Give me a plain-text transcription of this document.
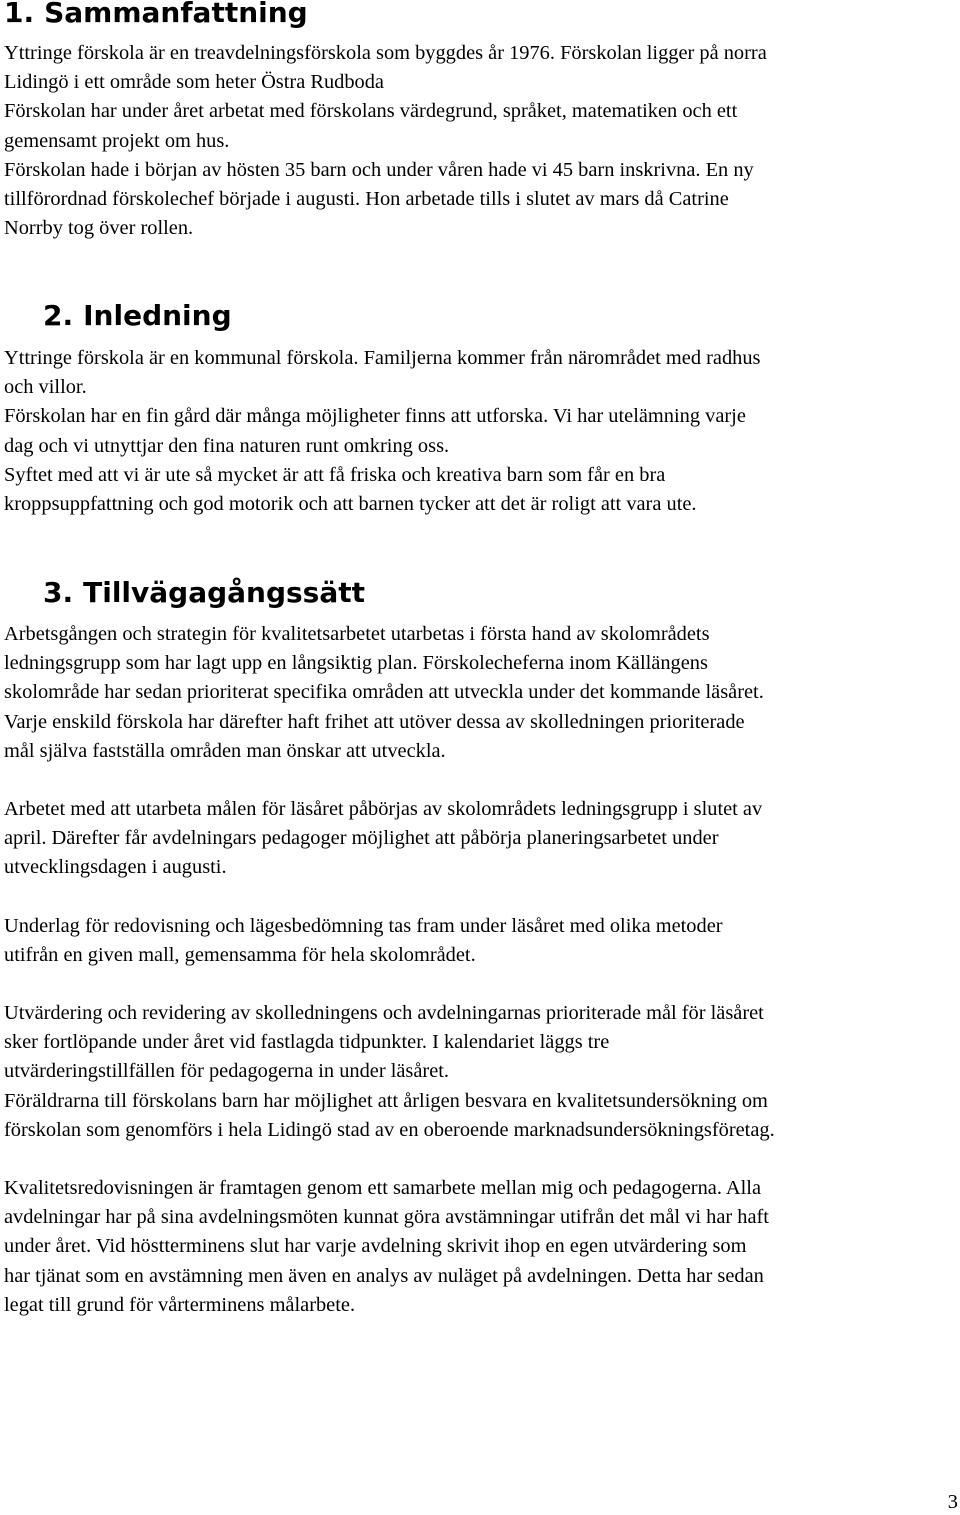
1. Sammanfattning

Yttringe förskola är en treavdelningsförskola som byggdes år 1976. Förskolan ligger på norra

Lidingö i ett område som heter Östra Rudboda

Förskolan har under året arbetat med förskolans värdegrund, språket, matematiken och ett

gemensamt projekt om hus.

Förskolan hade i början av hösten 35 barn och under våren hade vi 45 barn inskrivna. En ny

tillförordnad förskolechef började i augusti. Hon arbetade tills i slutet av mars då Catrine

Norrby tog över rollen.

2. Inledning

Yttringe förskola är en kommunal förskola. Familjerna kommer från närområdet med radhus

och villor.

Förskolan har en fin gård där många möjligheter finns att utforska. Vi har utelämning varje

dag och vi utnyttjar den fina naturen runt omkring oss.

Syftet med att vi är ute så mycket är att få friska och kreativa barn som får en bra

kroppsuppfattning och god motorik och att barnen tycker att det är roligt att vara ute.

3. Tillvägagångssätt

Arbetsgången och strategin för kvalitetsarbetet utarbetas i första hand av skolområdets

ledningsgrupp som har lagt upp en långsiktig plan. Förskolecheferna inom Källängens

skolområde har sedan prioriterat specifika områden att utveckla under det kommande läsåret.

Varje enskild förskola har därefter haft frihet att utöver dessa av skolledningen prioriterade

mål själva fastställa områden man önskar att utveckla.

Arbetet med att utarbeta målen för läsåret påbörjas av skolområdets ledningsgrupp i slutet av

april. Därefter får avdelningars pedagoger möjlighet att påbörja planeringsarbetet under

utvecklingsdagen i augusti.

Underlag för redovisning och lägesbedömning tas fram under läsåret med olika metoder

utifrån en given mall, gemensamma för hela skolområdet.

Utvärdering och revidering av skolledningens och avdelningarnas prioriterade mål för läsåret

sker fortlöpande under året vid fastlagda tidpunkter. I kalendariet läggs tre

utvärderingstillfällen för pedagogerna in under läsåret.

Föräldrarna till förskolans barn har möjlighet att årligen besvara en kvalitetsundersökning om

förskolan som genomförs i hela Lidingö stad av en oberoende marknadsundersökningsföretag.

Kvalitetsredovisningen är framtagen genom ett samarbete mellan mig och pedagogerna. Alla

avdelningar har på sina avdelningsmöten kunnat göra avstämningar utifrån det mål vi har haft

under året. Vid höstterminens slut har varje avdelning skrivit ihop en egen utvärdering som

har tjänat som en avstämning men även en analys av nuläget på avdelningen. Detta har sedan

legat till grund för vårterminens målarbete.

3
